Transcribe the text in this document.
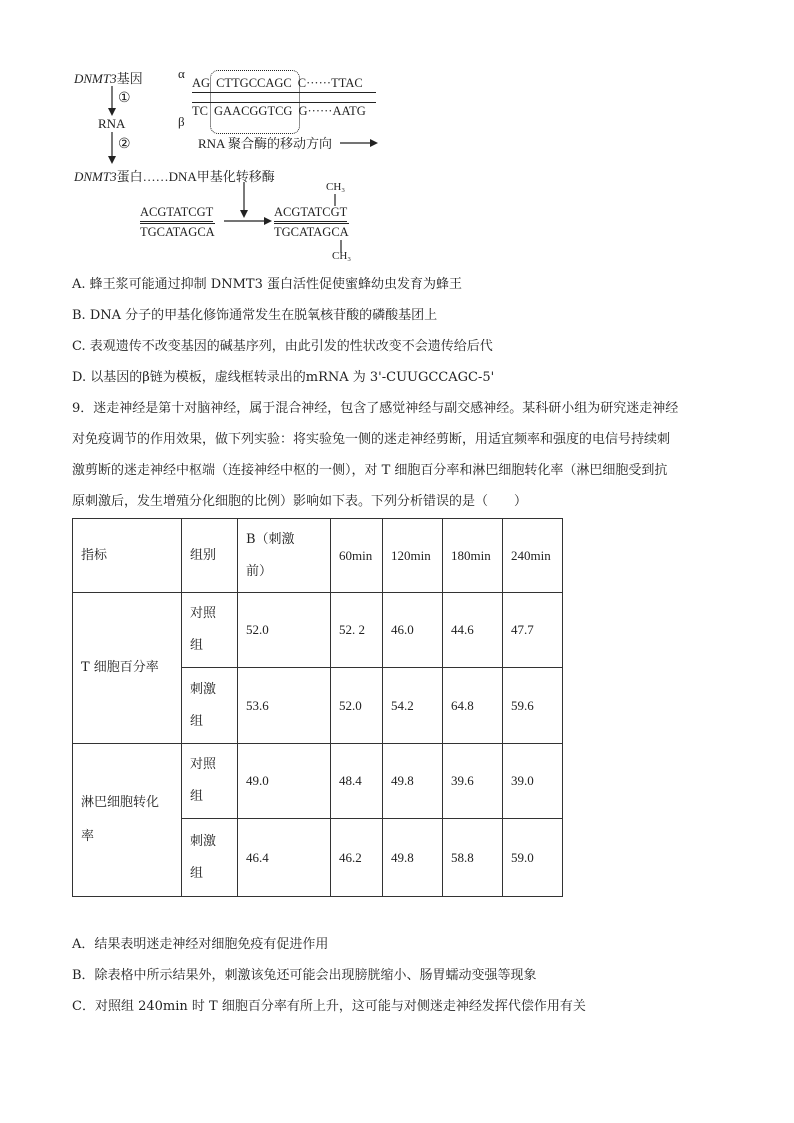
DNMT3基因
①
RNA
②
DNMT3蛋白……DNA甲基化转移酶
α
β
AG CTTGCCAGC C······TTAC
TC GAACGGTCG G······AATG
RNA 聚合酶的移动方向
ACGTATCGT
TGCATAGCA
CH₃
ACGTATCGT
TGCATAGCA
CH₃
A. 蜂王浆可能通过抑制 DNMT3 蛋白活性促使蜜蜂幼虫发育为蜂王
B. DNA 分子的甲基化修饰通常发生在脱氧核苷酸的磷酸基团上
C. 表观遗传不改变基因的碱基序列，由此引发的性状改变不会遗传给后代
D. 以基因的β链为模板，虚线框转录出的mRNA 为 3'-CUUGCCAGC-5'
9．迷走神经是第十对脑神经，属于混合神经，包含了感觉神经与副交感神经。某科研小组为研究迷走神经
对免疫调节的作用效果，做下列实验：将实验兔一侧的迷走神经剪断，用适宜频率和强度的电信号持续刺
激剪断的迷走神经中枢端（连接神经中枢的一侧），对 T 细胞百分率和淋巴细胞转化率（淋巴细胞受到抗
原刺激后，发生增殖分化细胞的比例）影响如下表。下列分析错误的是（　　）
指标	组别	B（刺激
前）	60min	120min	180min	240min
T 细胞百分率	对照
组	52.0	52. 2	46.0	44.6	47.7
	刺激
组	53.6	52.0	54.2	64.8	59.6
淋巴细胞转化
率	对照
组	49.0	48.4	49.8	39.6	39.0
	刺激
组	46.4	46.2	49.8	58.8	59.0
A．结果表明迷走神经对细胞免疫有促进作用
B．除表格中所示结果外，刺激该兔还可能会出现膀胱缩小、肠胃蠕动变强等现象
C．对照组 240min 时 T 细胞百分率有所上升，这可能与对侧迷走神经发挥代偿作用有关
